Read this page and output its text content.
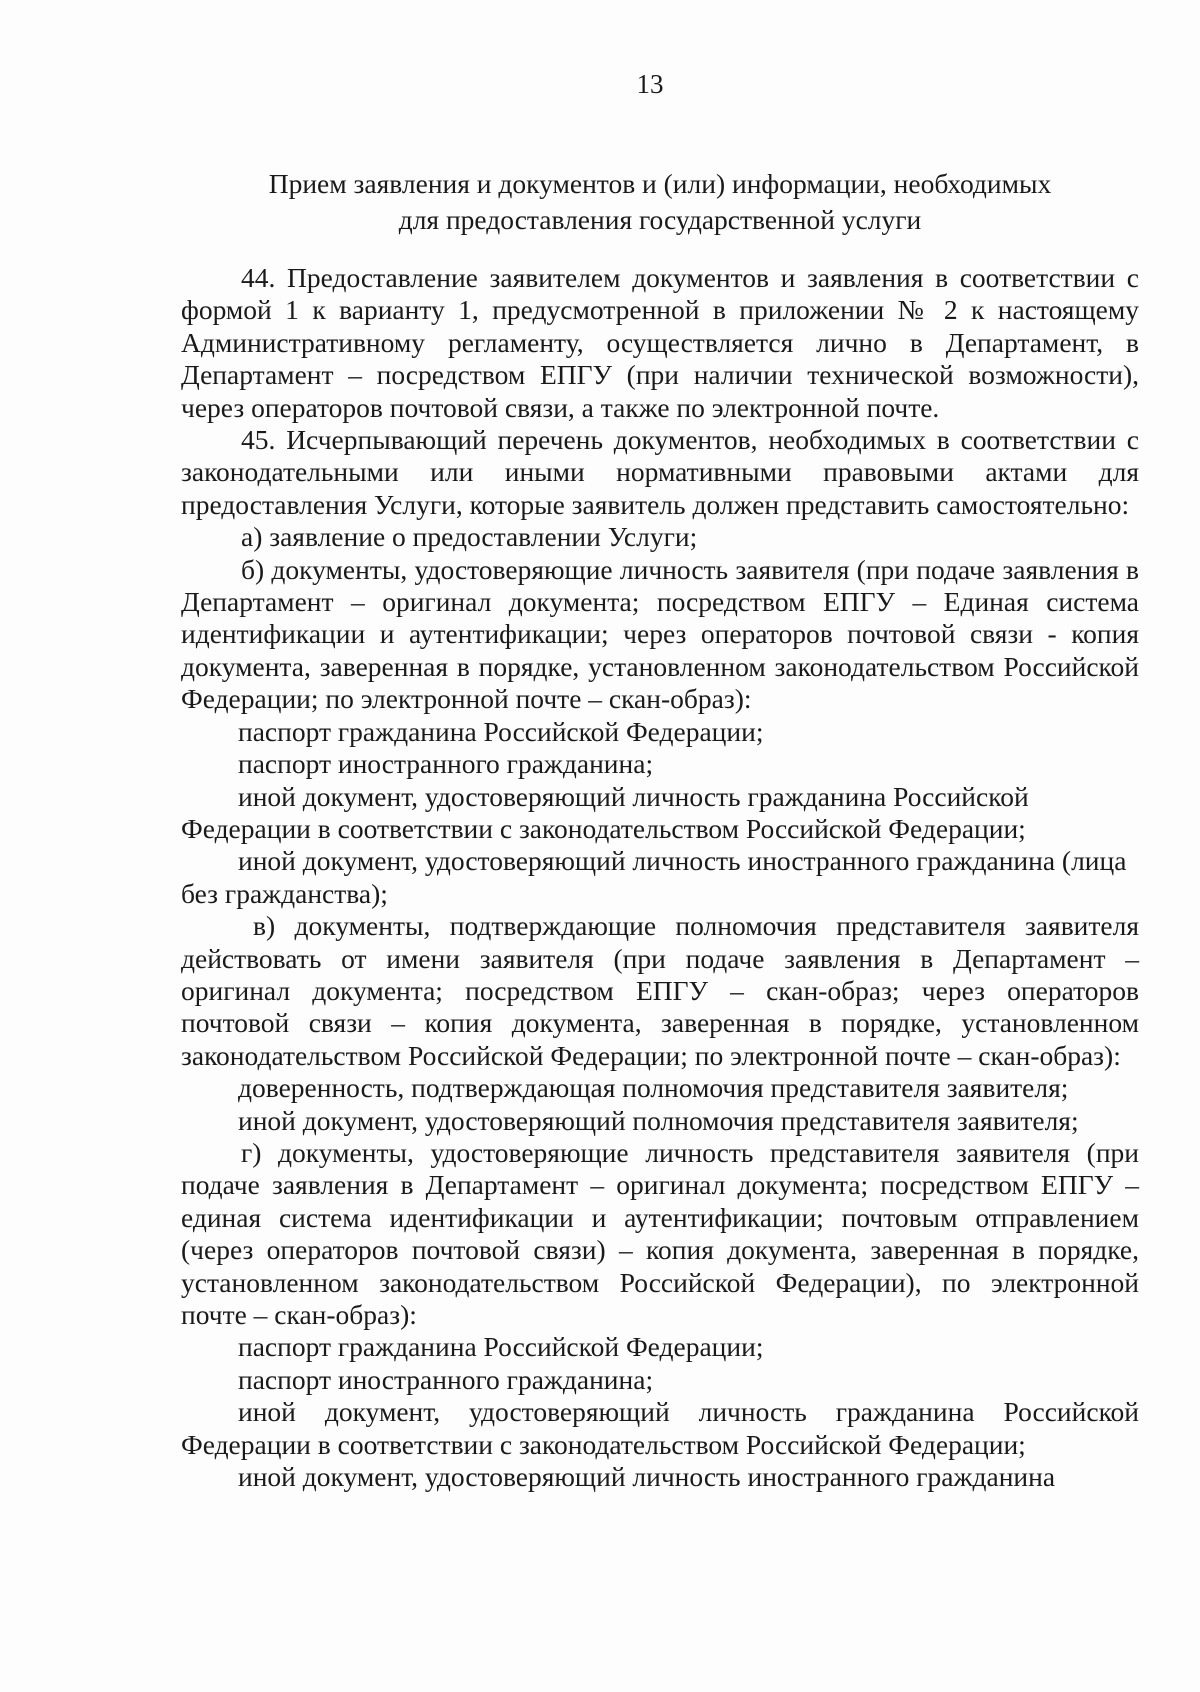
13
Прием заявления и документов и (или) информации, необходимых
для предоставления государственной услуги

44. Предоставление заявителем документов и заявления в соответствии с формой 1 к варианту 1, предусмотренной в приложении № 2 к настоящему Административному регламенту, осуществляется лично в Департамент, в Департамент – посредством ЕПГУ (при наличии технической возможности), через операторов почтовой связи, а также по электронной почте.

45. Исчерпывающий перечень документов, необходимых в соответствии с законодательными или иными нормативными правовыми актами для предоставления Услуги, которые заявитель должен представить самостоятельно:

а) заявление о предоставлении Услуги;

б) документы, удостоверяющие личность заявителя (при подаче заявления в Департамент – оригинал документа; посредством ЕПГУ – Единая система идентификации и аутентификации; через операторов почтовой связи - копия документа, заверенная в порядке, установленном законодательством Российской Федерации; по электронной почте – скан-образ):

паспорт гражданина Российской Федерации;

паспорт иностранного гражданина;

иной документ, удостоверяющий личность гражданина Российской Федерации в соответствии с законодательством Российской Федерации;

иной документ, удостоверяющий личность иностранного гражданина (лица без гражданства);

в) документы, подтверждающие полномочия представителя заявителя действовать от имени заявителя (при подаче заявления в Департамент – оригинал документа; посредством ЕПГУ – скан-образ; через операторов почтовой связи – копия документа, заверенная в порядке, установленном законодательством Российской Федерации; по электронной почте – скан-образ):

доверенность, подтверждающая полномочия представителя заявителя;

иной документ, удостоверяющий полномочия представителя заявителя;

г) документы, удостоверяющие личность представителя заявителя (при подаче заявления в Департамент – оригинал документа; посредством ЕПГУ – единая система идентификации и аутентификации; почтовым отправлением (через операторов почтовой связи) – копия документа, заверенная в порядке, установленном законодательством Российской Федерации), по электронной почте – скан-образ):

паспорт гражданина Российской Федерации;

паспорт иностранного гражданина;

иной документ, удостоверяющий личность гражданина Российской Федерации в соответствии с законодательством Российской Федерации;

иной документ, удостоверяющий личность иностранного гражданина
